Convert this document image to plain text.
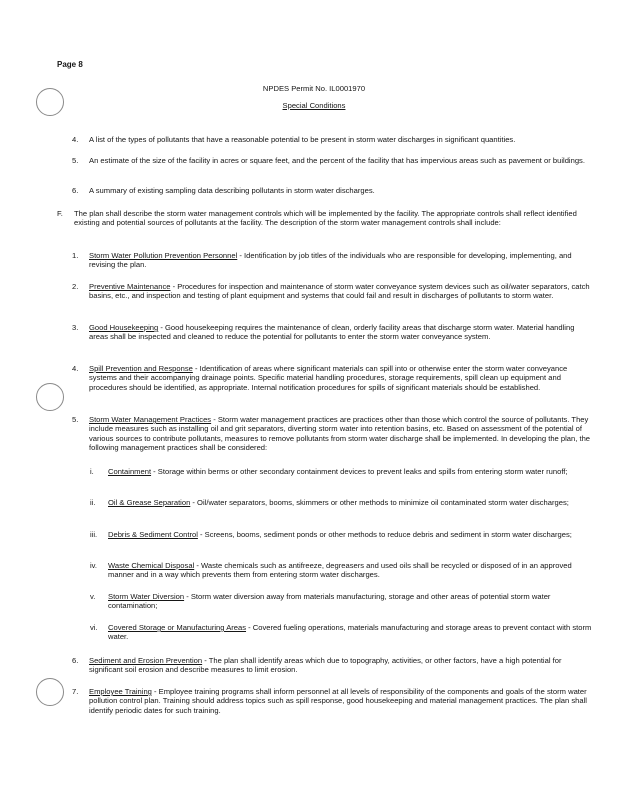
Page 8
NPDES Permit No. IL0001970
Special Conditions
4. A list of the types of pollutants that have a reasonable potential to be present in storm water discharges in significant quantities.
5. An estimate of the size of the facility in acres or square feet, and the percent of the facility that has impervious areas such as pavement or buildings.
6. A summary of existing sampling data describing pollutants in storm water discharges.
F. The plan shall describe the storm water management controls which will be implemented by the facility. The appropriate controls shall reflect identified existing and potential sources of pollutants at the facility. The description of the storm water management controls shall include:
1. Storm Water Pollution Prevention Personnel - Identification by job titles of the individuals who are responsible for developing, implementing, and revising the plan.
2. Preventive Maintenance - Procedures for inspection and maintenance of storm water conveyance system devices such as oil/water separators, catch basins, etc., and inspection and testing of plant equipment and systems that could fail and result in discharges of pollutants to storm water.
3. Good Housekeeping - Good housekeeping requires the maintenance of clean, orderly facility areas that discharge storm water. Material handling areas shall be inspected and cleaned to reduce the potential for pollutants to enter the storm water conveyance system.
4. Spill Prevention and Response - Identification of areas where significant materials can spill into or otherwise enter the storm water conveyance systems and their accompanying drainage points. Specific material handling procedures, storage requirements, spill clean up equipment and procedures should be identified, as appropriate. Internal notification procedures for spills of significant materials should be established.
5. Storm Water Management Practices - Storm water management practices are practices other than those which control the source of pollutants. They include measures such as installing oil and grit separators, diverting storm water into retention basins, etc. Based on assessment of the potential of various sources to contribute pollutants, measures to remove pollutants from storm water discharge shall be implemented. In developing the plan, the following management practices shall be considered:
i. Containment - Storage within berms or other secondary containment devices to prevent leaks and spills from entering storm water runoff;
ii. Oil & Grease Separation - Oil/water separators, booms, skimmers or other methods to minimize oil contaminated storm water discharges;
iii. Debris & Sediment Control - Screens, booms, sediment ponds or other methods to reduce debris and sediment in storm water discharges;
iv. Waste Chemical Disposal - Waste chemicals such as antifreeze, degreasers and used oils shall be recycled or disposed of in an approved manner and in a way which prevents them from entering storm water discharges.
v. Storm Water Diversion - Storm water diversion away from materials manufacturing, storage and other areas of potential storm water contamination;
vi. Covered Storage or Manufacturing Areas - Covered fueling operations, materials manufacturing and storage areas to prevent contact with storm water.
6. Sediment and Erosion Prevention - The plan shall identify areas which due to topography, activities, or other factors, have a high potential for significant soil erosion and describe measures to limit erosion.
7. Employee Training - Employee training programs shall inform personnel at all levels of responsibility of the components and goals of the storm water pollution control plan. Training should address topics such as spill response, good housekeeping and material management practices. The plan shall identify periodic dates for such training.
